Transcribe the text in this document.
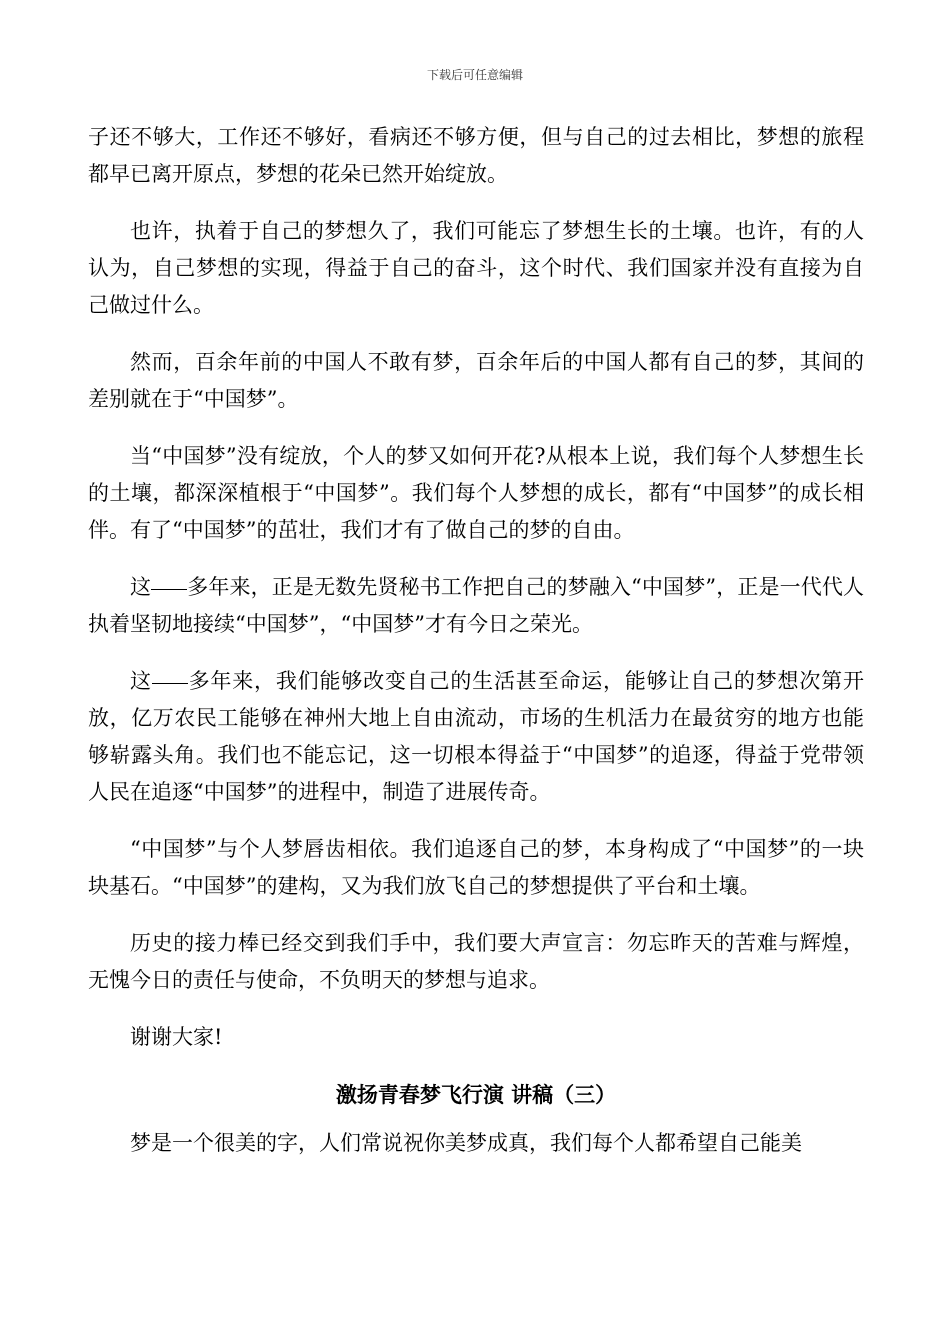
下载后可任意编辑

子还不够大，工作还不够好，看病还不够方便，但与自己的过去相比，梦想的旅程都早已离开原点，梦想的花朵已然开始绽放。

也许，执着于自己的梦想久了，我们可能忘了梦想生长的土壤。也许，有的人认为，自己梦想的实现，得益于自己的奋斗，这个时代、我们国家并没有直接为自己做过什么。

然而，百余年前的中国人不敢有梦，百余年后的中国人都有自己的梦，其间的差别就在于“中国梦”。

当“中国梦”没有绽放，个人的梦又如何开花?从根本上说，我们每个人梦想生长的土壤，都深深植根于“中国梦”。我们每个人梦想的成长，都有“中国梦”的成长相伴。有了“中国梦”的茁壮，我们才有了做自己的梦的自由。

这 多年来，正是无数先贤秘书工作把自己的梦融入“中国梦”，正是一代代人执着坚韧地接续“中国梦”，“中国梦”才有今日之荣光。

这 多年来，我们能够改变自己的生活甚至命运，能够让自己的梦想次第开放，亿万农民工能够在神州大地上自由流动，市场的生机活力在最贫穷的地方也能够崭露头角。我们也不能忘记，这一切根本得益于“中国梦”的追逐，得益于党带领人民在追逐“中国梦”的进程中，制造了进展传奇。

“中国梦”与个人梦唇齿相依。我们追逐自己的梦，本身构成了“中国梦”的一块块基石。“中国梦”的建构，又为我们放飞自己的梦想提供了平台和土壤。

历史的接力棒已经交到我们手中，我们要大声宣言：勿忘昨天的苦难与辉煌，无愧今日的责任与使命，不负明天的梦想与追求。

谢谢大家!

激扬青春梦飞行演 讲稿（三）

梦是一个很美的字，人们常说祝你美梦成真，我们每个人都希望自己能美
